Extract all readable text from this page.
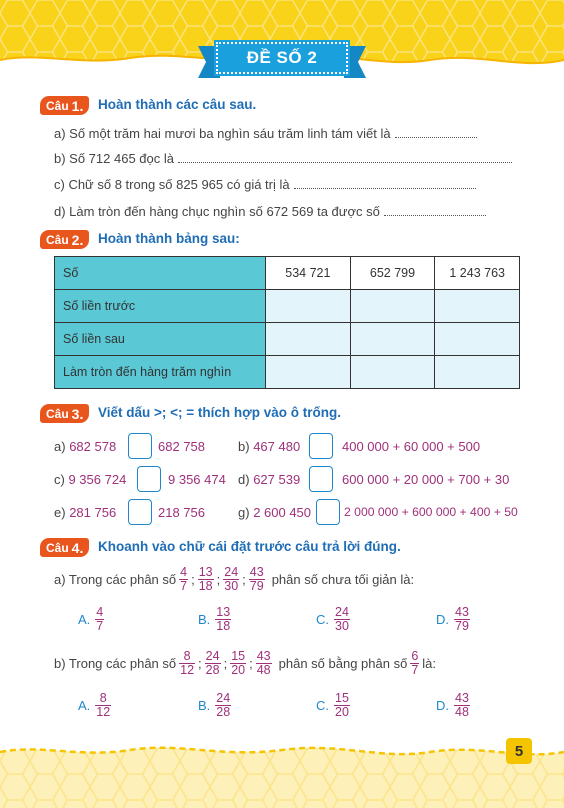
ĐỀ SỐ 2
Câu 1. Hoàn thành các câu sau.
a) Số một trăm hai mươi ba nghìn sáu trăm linh tám viết là
b) Số 712 465 đọc là
c) Chữ số 8 trong số 825 965 có giá trị là
d) Làm tròn đến hàng chục nghìn số 672 569 ta được số
Câu 2. Hoàn thành bảng sau:
Số	534 721	652 799	1 243 763
Số liền trước			
Số liền sau			
Làm tròn đến hàng trăm nghìn			
Câu 3. Viết dấu >; <; = thích hợp vào ô trống.
a) 682 578	682 758	b) 467 480	400 000 + 60 000 + 500
c) 9 356 724	9 356 474 d) 627 539	600 000 + 20 000 + 700 + 30
e) 281 756	218 756	g) 2 600 450	2 000 000 + 600 000 + 400 + 50
Câu 4. Khoanh vào chữ cái đặt trước câu trả lời đúng.
a) Trong các phân số $\frac{4}{7}$ ; $\frac{13}{18}$ ; $\frac{24}{30}$ ; $\frac{43}{79}$ phân số chưa tối giản là:
A. $\frac{4}{7}$	B. $\frac{13}{18}$	C. $\frac{24}{30}$	D. $\frac{43}{79}$
b) Trong các phân số $\frac{8}{12}$ ; $\frac{24}{28}$ ; $\frac{15}{20}$ ; $\frac{43}{48}$ phân số bằng phân số $\frac{6}{7}$ là:
A. $\frac{8}{12}$	B. $\frac{24}{28}$	C. $\frac{15}{20}$	D. $\frac{43}{48}$
5
